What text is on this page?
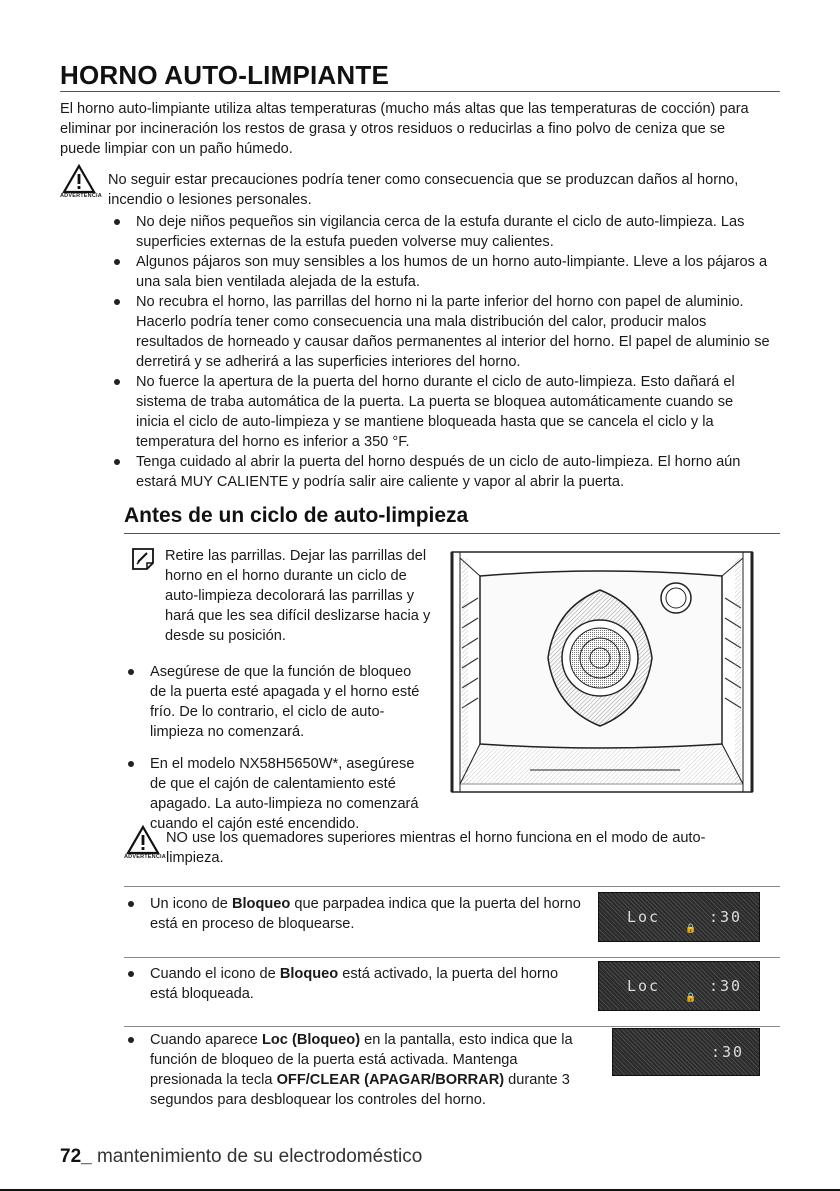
HORNO AUTO-LIMPIANTE
El horno auto-limpiante utiliza altas temperaturas (mucho más altas que las temperaturas de cocción) para eliminar por incineración los restos de grasa y otros residuos o reducirlas a fino polvo de ceniza que se puede limpiar con un paño húmedo.
ADVERTENCIA
No seguir estar precauciones podría tener como consecuencia que se produzcan daños al horno, incendio o lesiones personales.
No deje niños pequeños sin vigilancia cerca de la estufa durante el ciclo de auto-limpieza. Las superficies externas de la estufa pueden volverse muy calientes.
Algunos pájaros son muy sensibles a los humos de un horno auto-limpiante. Lleve a los pájaros a una sala bien ventilada alejada de la estufa.
No recubra el horno, las parrillas del horno ni la parte inferior del horno con papel de aluminio. Hacerlo podría tener como consecuencia una mala distribución del calor, producir malos resultados de horneado y causar daños permanentes al interior del horno. El papel de aluminio se derretirá y se adherirá a las superficies interiores del horno.
No fuerce la apertura de la puerta del horno durante el ciclo de auto-limpieza. Esto dañará el sistema de traba automática de la puerta. La puerta se bloquea automáticamente cuando se inicia el ciclo de auto-limpieza y se mantiene bloqueada hasta que se cancela el ciclo y la temperatura del horno es inferior a 350 °F.
Tenga cuidado al abrir la puerta del horno después de un ciclo de auto-limpieza. El horno aún estará MUY CALIENTE y podría salir aire caliente y vapor al abrir la puerta.
Antes de un ciclo de auto-limpieza
Retire las parrillas. Dejar las parrillas del horno en el horno durante un ciclo de auto-limpieza decolorará las parrillas y hará que les sea difícil deslizarse hacia y desde su posición.
Asegúrese de que la función de bloqueo de la puerta esté apagada y el horno esté frío. De lo contrario, el ciclo de auto-limpieza no comenzará.
En el modelo NX58H5650W*, asegúrese de que el cajón de calentamiento esté apagado. La auto-limpieza no comenzará cuando el cajón esté encendido.
ADVERTENCIA
NO use los quemadores superiores mientras el horno funciona en el modo de auto-limpieza.
Un icono de Bloqueo que parpadea indica que la puerta del horno está en proceso de bloquearse.	Loc	:30
🔒
Cuando el icono de Bloqueo está activado, la puerta del horno está bloqueada.	Loc	:30
🔒
Cuando aparece Loc (Bloqueo) en la pantalla, esto indica que la función de bloqueo de la puerta está activada. Mantenga presionada la tecla OFF/CLEAR (APAGAR/BORRAR) durante 3 segundos para desbloquear los controles del horno.
:30
72_ mantenimiento de su electrodoméstico
